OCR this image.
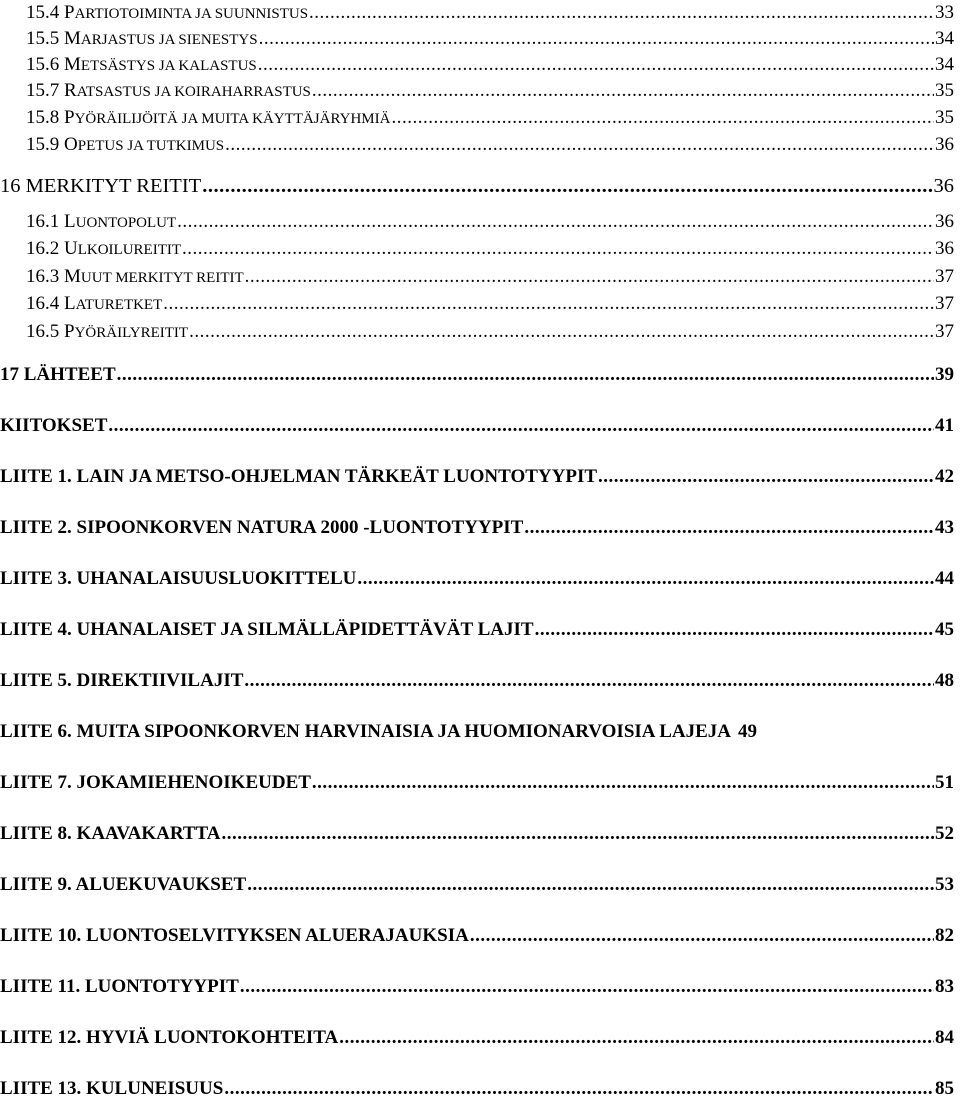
15.4 PARTIOTOIMINTA JA SUUNNISTUS .....	33
15.5 MARJASTUS JA SIENESTYS .....	34
15.6 METSÄSTYS JA KALASTUS .....	34
15.7 RATSASTUS JA KOIRAHARRASTUS .....	35
15.8 PYÖRÄILIJÖITÄ JA MUITA KÄYTTÄJÄRYHMIÄ .....	35
15.9 OPETUS JA TUTKIMUS .....	36
16 MERKITYT REITIT .....	36
16.1 LUONTOPOLUT .....	36
16.2 ULKOILUREITIT .....	36
16.3 MUUT MERKITYT REITIT .....	37
16.4 LATURETKET .....	37
16.5 PYÖRÄILYREITIT .....	37
17 LÄHTEET .....	39
KIITOKSET .....	41
LIITE 1. LAIN JA METSO-OHJELMAN TÄRKEÄT LUONTOTYYPIT .....	42
LIITE 2. SIPOONKORVEN NATURA 2000 -LUONTOTYYPIT .....	43
LIITE 3. UHANALAISUUSLUOKITTELU .....	44
LIITE 4. UHANALAISET JA SILMÄLLÄPIDETTÄVÄT LAJIT .....	45
LIITE 5. DIREKTIIVILAJIT .....	48
LIITE 6. MUITA SIPOONKORVEN HARVINAISIA JA HUOMIONARVOISIA LAJEJA 49
LIITE 7. JOKAMIEHENOIKEUDET .....	51
LIITE 8. KAAVAKARTTA .....	52
LIITE 9. ALUEKUVAUKSET .....	53
LIITE 10. LUONTOSELVITYKSEN ALUERAJAUKSIA .....	82
LIITE 11. LUONTOTYYPIT .....	83
LIITE 12. HYVIÄ LUONTOKOHTEITA .....	84
LIITE 13. KULUNEISUUS .....	85
